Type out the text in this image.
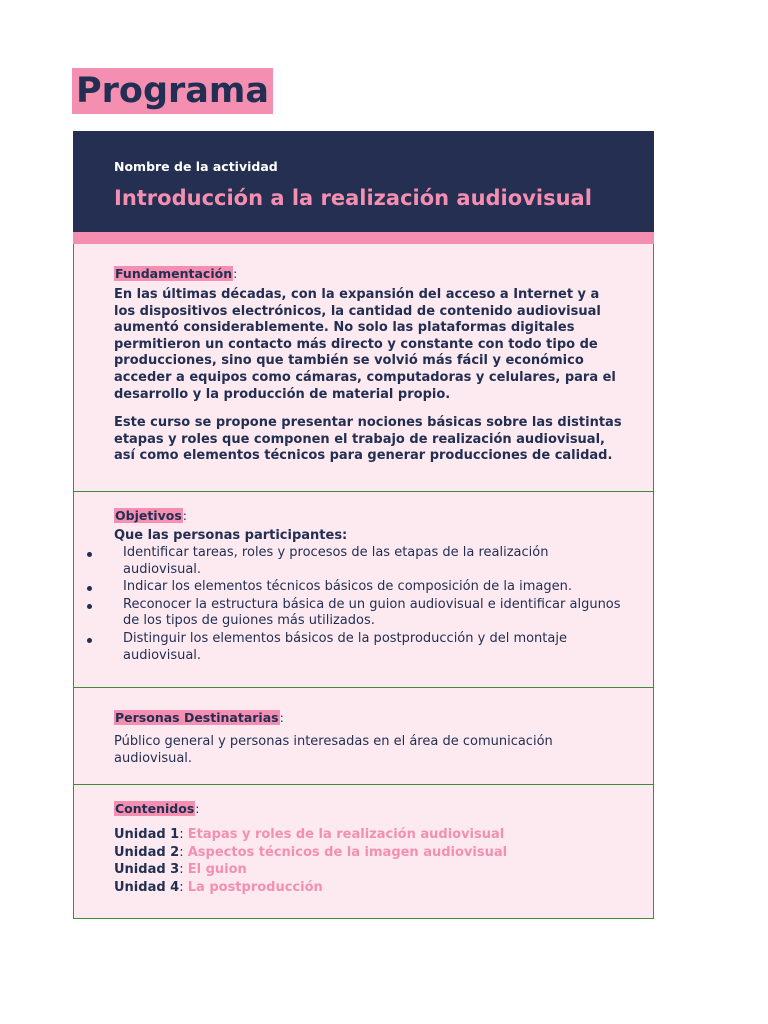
Programa
Nombre de la actividad
Introducción a la realización audiovisual
Fundamentación:

En las últimas décadas, con la expansión del acceso a Internet y a los dispositivos electrónicos, la cantidad de contenido audiovisual aumentó considerablemente. No solo las plataformas digitales permitieron un contacto más directo y constante con todo tipo de producciones, sino que también se volvió más fácil y económico acceder a equipos como cámaras, computadoras y celulares, para el desarrollo y la producción de material propio.

Este curso se propone presentar nociones básicas sobre las distintas etapas y roles que componen el trabajo de realización audiovisual, así como elementos técnicos para generar producciones de calidad.

Objetivos:

Que las personas participantes:

Identificar tareas, roles y procesos de las etapas de la realización audiovisual.
Indicar los elementos técnicos básicos de composición de la imagen.
Reconocer la estructura básica de un guion audiovisual e identificar algunos de los tipos de guiones más utilizados.
Distinguir los elementos básicos de la postproducción y del montaje audiovisual.
Personas Destinatarias:

Público general y personas interesadas en el área de comunicación audiovisual.

Contenidos:
Unidad 1: Etapas y roles de la realización audiovisual
Unidad 2: Aspectos técnicos de la imagen audiovisual
Unidad 3: El guion
Unidad 4: La postproducción
